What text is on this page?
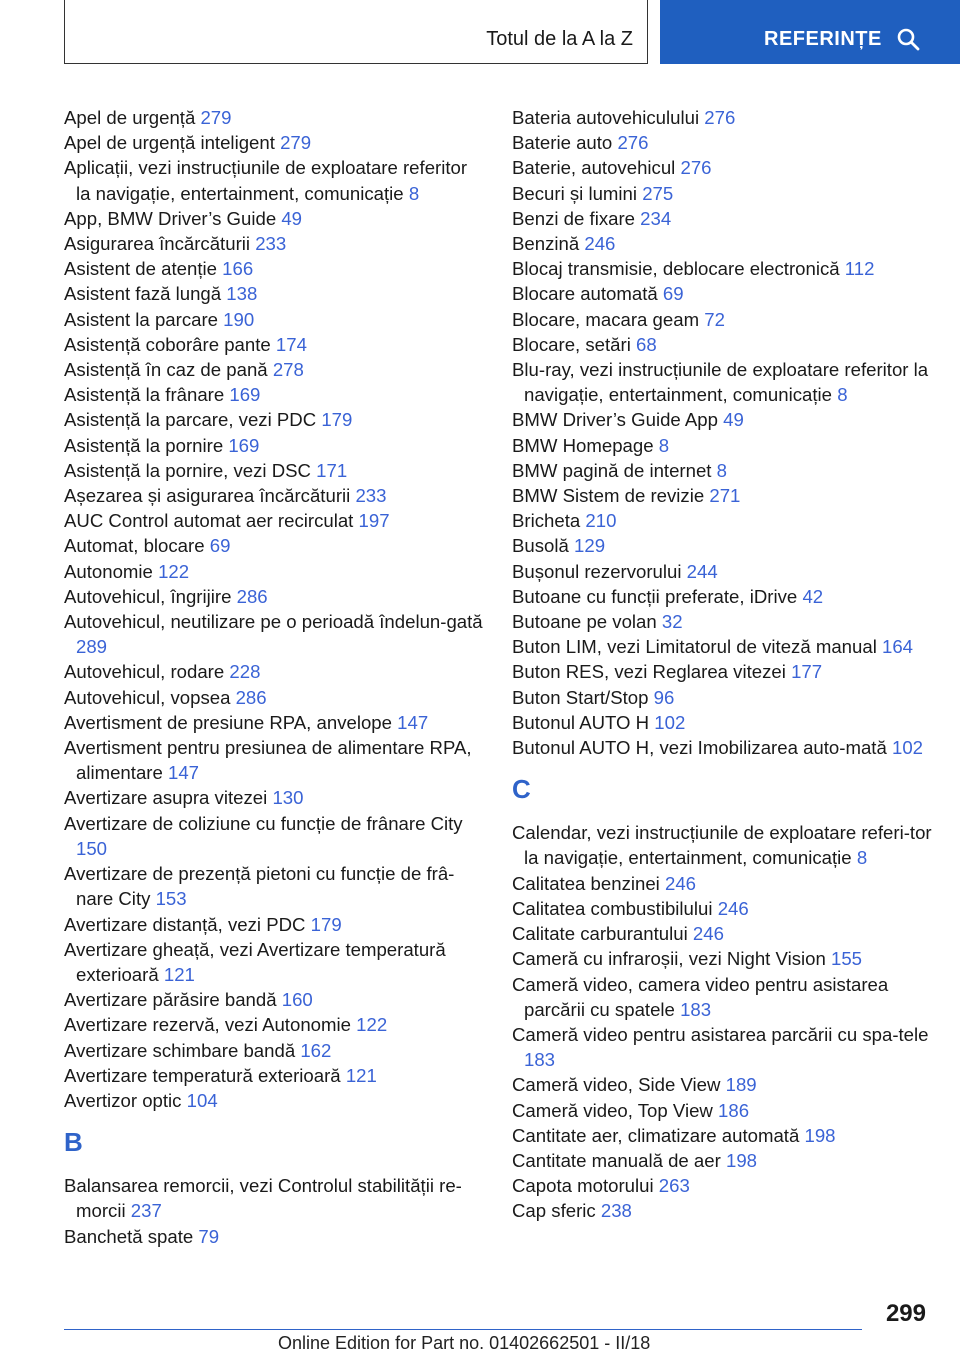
Totul de la A la Z	REFERINȚE
Apel de urgență 279
Apel de urgență inteligent 279
Aplicații, vezi instrucțiunile de exploatare referitor la navigație, entertainment, comunicație 8
App, BMW Driver’s Guide 49
Asigurarea încărcăturii 233
Asistent de atenție 166
Asistent fază lungă 138
Asistent la parcare 190
Asistență coborâre pante 174
Asistență în caz de pană 278
Asistență la frânare 169
Asistență la parcare, vezi PDC 179
Asistență la pornire 169
Asistență la pornire, vezi DSC 171
Așezarea și asigurarea încărcăturii 233
AUC Control automat aer recirculat 197
Automat, blocare 69
Autonomie 122
Autovehicul, îngrijire 286
Autovehicul, neutilizare pe o perioadă îndelun-gată 289
Autovehicul, rodare 228
Autovehicul, vopsea 286
Avertisment de presiune RPA, anvelope 147
Avertisment pentru presiunea de alimentare RPA, alimentare 147
Avertizare asupra vitezei 130
Avertizare de coliziune cu funcție de frânare City 150
Avertizare de prezență pietoni cu funcție de frâ-nare City 153
Avertizare distanță, vezi PDC 179
Avertizare gheață, vezi Avertizare temperatură exterioară 121
Avertizare părăsire bandă 160
Avertizare rezervă, vezi Autonomie 122
Avertizare schimbare bandă 162
Avertizare temperatură exterioară 121
Avertizor optic 104
B
Balansarea remorcii, vezi Controlul stabilității re-morcii 237
Banchetă spate 79
Bateria autovehiculului 276
Baterie auto 276
Baterie, autovehicul 276
Becuri și lumini 275
Benzi de fixare 234
Benzină 246
Blocaj transmisie, deblocare electronică 112
Blocare automată 69
Blocare, macara geam 72
Blocare, setări 68
Blu-ray, vezi instrucțiunile de exploatare referitor la navigație, entertainment, comunicație 8
BMW Driver’s Guide App 49
BMW Homepage 8
BMW pagină de internet 8
BMW Sistem de revizie 271
Bricheta 210
Busolă 129
Bușonul rezervorului 244
Butoane cu funcții preferate, iDrive 42
Butoane pe volan 32
Buton LIM, vezi Limitatorul de viteză manual 164
Buton RES, vezi Reglarea vitezei 177
Buton Start/Stop 96
Butonul AUTO H 102
Butonul AUTO H, vezi Imobilizarea auto-mată 102
C
Calendar, vezi instrucțiunile de exploatare referi-tor la navigație, entertainment, comunicație 8
Calitatea benzinei 246
Calitatea combustibilului 246
Calitate carburantului 246
Cameră cu infraroșii, vezi Night Vision 155
Cameră video, camera video pentru asistarea parcării cu spatele 183
Cameră video pentru asistarea parcării cu spa-tele 183
Cameră video, Side View 189
Cameră video, Top View 186
Cantitate aer, climatizare automată 198
Cantitate manuală de aer 198
Capota motorului 263
Cap sferic 238
299
Online Edition for Part no. 01402662501 - II/18
